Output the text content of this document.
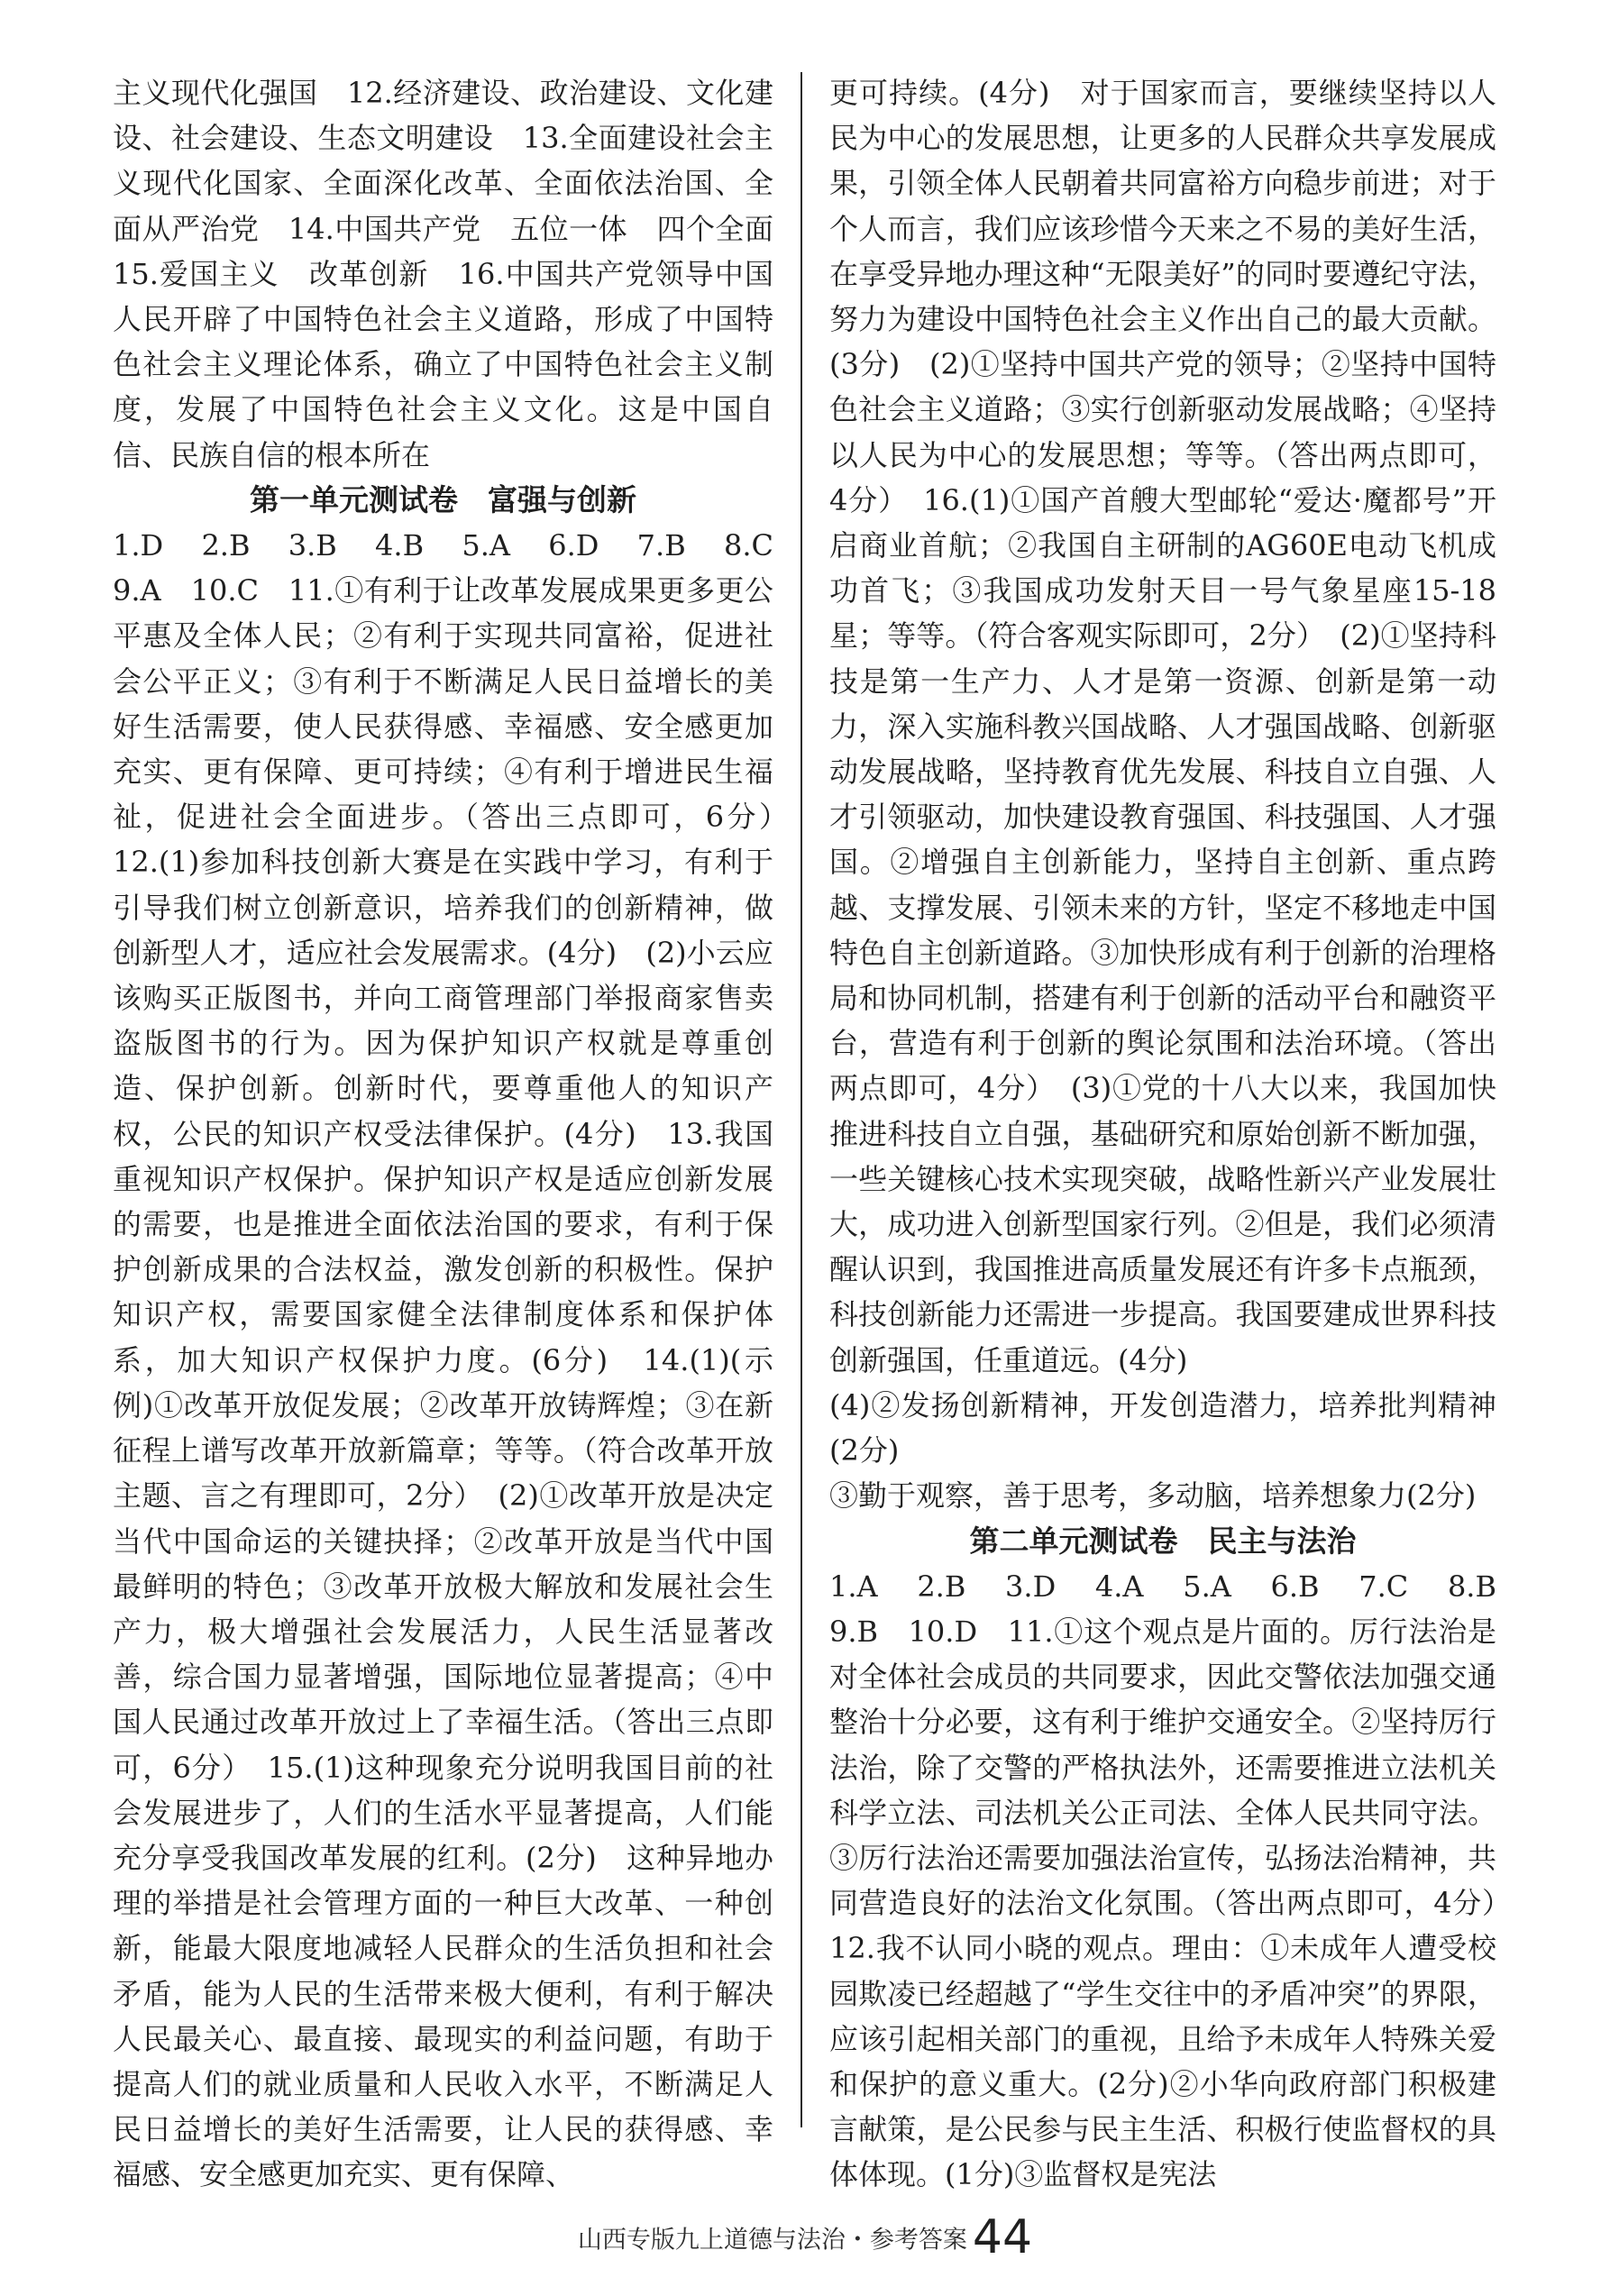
主义现代化强国　12.经济建设、政治建设、文化建设、社会建设、生态文明建设　13.全面建设社会主义现代化国家、全面深化改革、全面依法治国、全面从严治党　14.中国共产党　五位一体　四个全面　15.爱国主义　改革创新　16.中国共产党领导中国人民开辟了中国特色社会主义道路，形成了中国特色社会主义理论体系，确立了中国特色社会主义制度，发展了中国特色社会主义文化。这是中国自信、民族自信的根本所在

第一单元测试卷　富强与创新

1.D　2.B　3.B　4.B　5.A　6.D　7.B　8.C　9.A　10.C　11.①有利于让改革发展成果更多更公平惠及全体人民；②有利于实现共同富裕，促进社会公平正义；③有利于不断满足人民日益增长的美好生活需要，使人民获得感、幸福感、安全感更加充实、更有保障、更可持续；④有利于增进民生福祉，促进社会全面进步。（答出三点即可，6分）　12.(1)参加科技创新大赛是在实践中学习，有利于引导我们树立创新意识，培养我们的创新精神，做创新型人才，适应社会发展需求。(4分)　(2)小云应该购买正版图书，并向工商管理部门举报商家售卖盗版图书的行为。因为保护知识产权就是尊重创造、保护创新。创新时代，要尊重他人的知识产权，公民的知识产权受法律保护。(4分)　13.我国重视知识产权保护。保护知识产权是适应创新发展的需要，也是推进全面依法治国的要求，有利于保护创新成果的合法权益，激发创新的积极性。保护知识产权，需要国家健全法律制度体系和保护体系，加大知识产权保护力度。(6分)　14.(1)(示例)①改革开放促发展；②改革开放铸辉煌；③在新征程上谱写改革开放新篇章；等等。（符合改革开放主题、言之有理即可，2分）　(2)①改革开放是决定当代中国命运的关键抉择；②改革开放是当代中国最鲜明的特色；③改革开放极大解放和发展社会生产力，极大增强社会发展活力，人民生活显著改善，综合国力显著增强，国际地位显著提高；④中国人民通过改革开放过上了幸福生活。（答出三点即可，6分）　15.(1)这种现象充分说明我国目前的社会发展进步了，人们的生活水平显著提高，人们能充分享受我国改革发展的红利。(2分)　这种异地办理的举措是社会管理方面的一种巨大改革、一种创新，能最大限度地减轻人民群众的生活负担和社会矛盾，能为人民的生活带来极大便利，有利于解决人民最关心、最直接、最现实的利益问题，有助于提高人们的就业质量和人民收入水平，不断满足人民日益增长的美好生活需要，让人民的获得感、幸福感、安全感更加充实、更有保障、

更可持续。(4分)　对于国家而言，要继续坚持以人民为中心的发展思想，让更多的人民群众共享发展成果，引领全体人民朝着共同富裕方向稳步前进；对于个人而言，我们应该珍惜今天来之不易的美好生活，在享受异地办理这种“无限美好”的同时要遵纪守法，努力为建设中国特色社会主义作出自己的最大贡献。(3分)　(2)①坚持中国共产党的领导；②坚持中国特色社会主义道路；③实行创新驱动发展战略；④坚持以人民为中心的发展思想；等等。（答出两点即可，4分）　16.(1)①国产首艘大型邮轮“爱达·魔都号”开启商业首航；②我国自主研制的AG60E电动飞机成功首飞；③我国成功发射天目一号气象星座15-18星；等等。（符合客观实际即可，2分）　(2)①坚持科技是第一生产力、人才是第一资源、创新是第一动力，深入实施科教兴国战略、人才强国战略、创新驱动发展战略，坚持教育优先发展、科技自立自强、人才引领驱动，加快建设教育强国、科技强国、人才强国。②增强自主创新能力，坚持自主创新、重点跨越、支撑发展、引领未来的方针，坚定不移地走中国特色自主创新道路。③加快形成有利于创新的治理格局和协同机制，搭建有利于创新的活动平台和融资平台，营造有利于创新的舆论氛围和法治环境。（答出两点即可，4分）　(3)①党的十八大以来，我国加快推进科技自立自强，基础研究和原始创新不断加强，一些关键核心技术实现突破，战略性新兴产业发展壮大，成功进入创新型国家行列。②但是，我们必须清醒认识到，我国推进高质量发展还有许多卡点瓶颈，科技创新能力还需进一步提高。我国要建成世界科技创新强国，任重道远。(4分)

(4)②发扬创新精神，开发创造潜力，培养批判精神(2分)

③勤于观察，善于思考，多动脑，培养想象力(2分)

第二单元测试卷　民主与法治

1.A　2.B　3.D　4.A　5.A　6.B　7.C　8.B　9.B　10.D　11.①这个观点是片面的。厉行法治是对全体社会成员的共同要求，因此交警依法加强交通整治十分必要，这有利于维护交通安全。②坚持厉行法治，除了交警的严格执法外，还需要推进立法机关科学立法、司法机关公正司法、全体人民共同守法。③厉行法治还需要加强法治宣传，弘扬法治精神，共同营造良好的法治文化氛围。（答出两点即可，4分）　12.我不认同小晓的观点。理由：①未成年人遭受校园欺凌已经超越了“学生交往中的矛盾冲突”的界限，应该引起相关部门的重视，且给予未成年人特殊关爱和保护的意义重大。(2分)②小华向政府部门积极建言献策，是公民参与民主生活、积极行使监督权的具体体现。(1分)③监督权是宪法

山西专版九上道德与法治・参考答案 44
